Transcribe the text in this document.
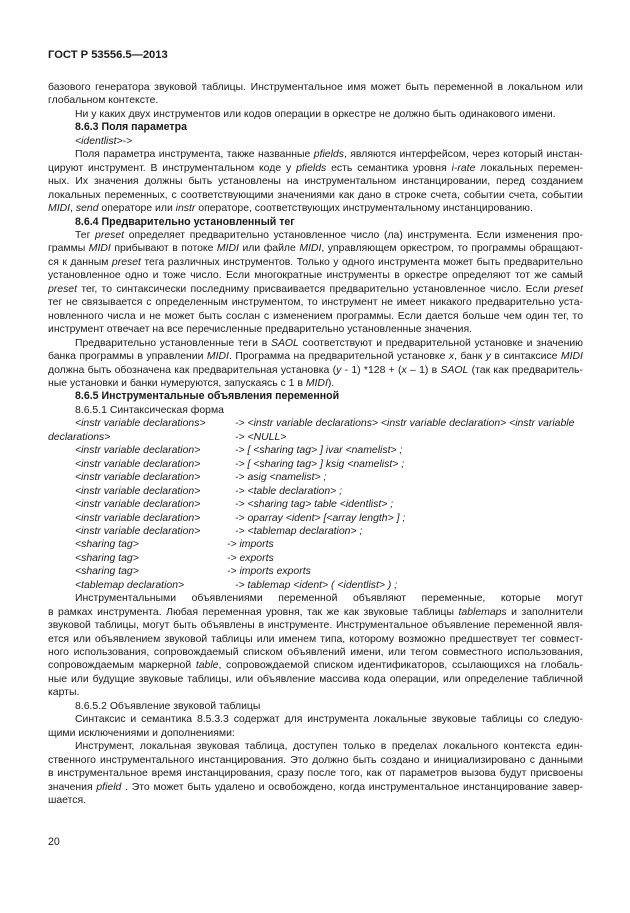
ГОСТ Р 53556.5—2013
базового генератора звуковой таблицы. Инструментальное имя может быть переменной в локальном или
глобальном контексте.
Ни у каких двух инструментов или кодов операции в оркестре не должно быть одинакового имени.
8.6.3 Поля параметра
<identlist>->
Поля параметра инструмента, также названные pfields, являются интерфейсом, через который инстан-
цируют инструмент. В инструментальном коде у pfields есть семантика уровня i-rate локальных перемен-
ных. Их значения должны быть установлены на инструментальном инстанцировании, перед созданием
локальных переменных, с соответствующими значениями как дано в строке счета, событии счета, событии
MIDI, send операторе или instr операторе, соответствующих инструментальному инстанцированию.
8.6.4 Предварительно установленный тег
Тег preset определяет предварительно установленное число (ла) инструмента. Если изменения про-
граммы MIDI прибывают в потоке MIDI или файле MIDI, управляющем оркестром, то программы обращают-
ся к данным preset тега различных инструментов. Только у одного инструмента может быть предварительно
установленное одно и тоже число. Если многократные инструменты в оркестре определяют тот же самый
preset тег, то синтаксически последниму присваивается предварительно установленное число. Если preset
тег не связывается с определенным инструментом, то инструмент не имеет никакого предварительно уста-
новленного числа и не может быть сослан с изменением программы. Если дается больше чем один тег, то
инструмент отвечает на все перечисленные предварительно установленные значения.
Предварительно установленные теги в SAOL соответствуют и предварительной установке и значению
банка программы в управлении MIDI. Программа на предварительной установке x, банк y в синтаксисе MIDI
должна быть обозначена как предварительная установка (y - 1) *128 + (x – 1) в SAOL (так как предваритель-
ные установки и банки нумеруются, запускаясь с 1 в MIDI).
8.6.5 Инструментальные объявления переменной
8.6.5.1 Синтаксическая форма
<instr variable declarations>	-> <instr variable declarations> <instr variable declaration> <instr variable
declarations>	-> <NULL>
<instr variable declaration>	-> [ <sharing tag> ] ivar <namelist> ;
<instr variable declaration>	-> [ <sharing tag> ] ksig <namelist> ;
<instr variable declaration>	-> asig <namelist> ;
<instr variable declaration>	-> <table declaration> ;
<instr variable declaration>	-> <sharing tag> table <identlist> ;
<instr variable declaration>	-> oparray <ident> [<array length> ] ;
<instr variable declaration>	-> <tablemap declaration> ;
<sharing tag>	-> imports
<sharing tag>	-> exports
<sharing tag>	-> imports exports
<tablemap declaration>	-> tablemap <ident> ( <identlist> ) ;
Инструментальными объявлениями переменной объявляют переменные, которые могут
в рамках инструмента. Любая переменная уровня, так же как звуковые таблицы tablemaps и заполнители
звуковой таблицы, могут быть объявлены в инструменте. Инструментальное объявление переменной явля-
ется или объявлением звуковой таблицы или именем типа, которому возможно предшествует тег совмест-
ного использования, сопровождаемый списком объявлений имени, или тегом совместного использования,
сопровождаемым маркерной table, сопровождаемой списком идентификаторов, ссылающихся на глобаль-
ные или будущие звуковые таблицы, или объявление массива кода операции, или определение табличной
карты.
8.6.5.2 Объявление звуковой таблицы
Синтаксис и семантика 8.5.3.3 содержат для инструмента локальные звуковые таблицы со следую-
щими исключениями и дополнениями:
Инструмент, локальная звуковая таблица, доступен только в пределах локального контекста един-
ственного инструментального инстанцирования. Это должно быть создано и инициализировано с данными
в инструментальное время инстанцирования, сразу после того, как от параметров вызова будут присвоены
значения pfield . Это может быть удалено и освобождено, когда инструментальное инстанцирование завер-
шается.
20
